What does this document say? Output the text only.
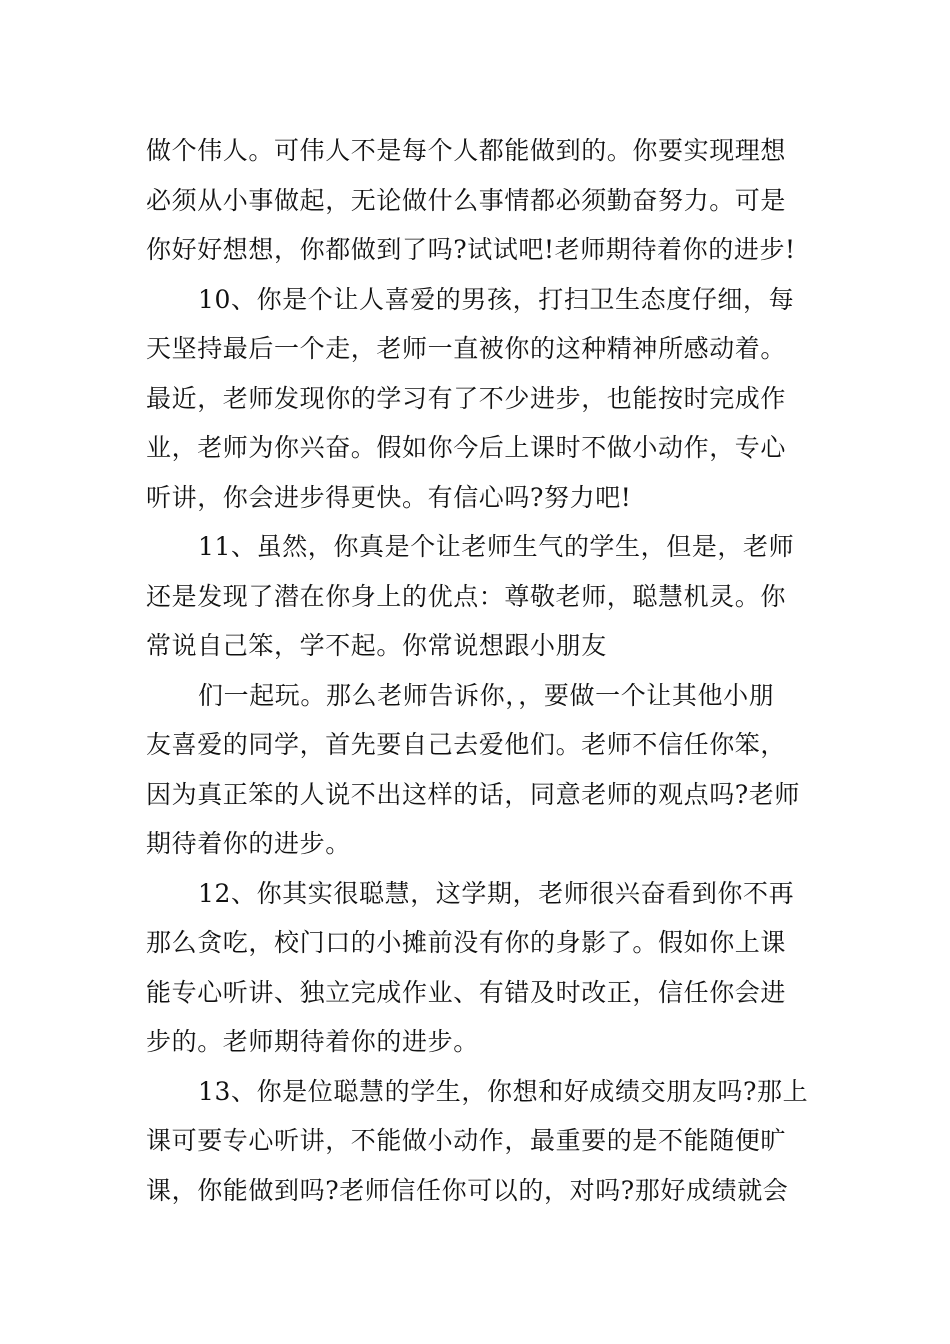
做个伟人。可伟人不是每个人都能做到的。你要实现理想
必须从小事做起，无论做什么事情都必须勤奋努力。可是
你好好想想，你都做到了吗?试试吧!老师期待着你的进步!
10、你是个让人喜爱的男孩，打扫卫生态度仔细，每
天坚持最后一个走，老师一直被你的这种精神所感动着。
最近，老师发现你的学习有了不少进步，也能按时完成作
业，老师为你兴奋。假如你今后上课时不做小动作，专心
听讲，你会进步得更快。有信心吗?努力吧!
11、虽然，你真是个让老师生气的学生，但是，老师
还是发现了潜在你身上的优点：尊敬老师，聪慧机灵。你
常说自己笨，学不起。你常说想跟小朋友
们一起玩。那么老师告诉你，，要做一个让其他小朋
友喜爱的同学，首先要自己去爱他们。老师不信任你笨，
因为真正笨的人说不出这样的话，同意老师的观点吗?老师
期待着你的进步。
12、你其实很聪慧，这学期，老师很兴奋看到你不再
那么贪吃，校门口的小摊前没有你的身影了。假如你上课
能专心听讲、独立完成作业、有错及时改正，信任你会进
步的。老师期待着你的进步。
13、你是位聪慧的学生，你想和好成绩交朋友吗?那上
课可要专心听讲，不能做小动作，最重要的是不能随便旷
课，你能做到吗?老师信任你可以的，对吗?那好成绩就会
